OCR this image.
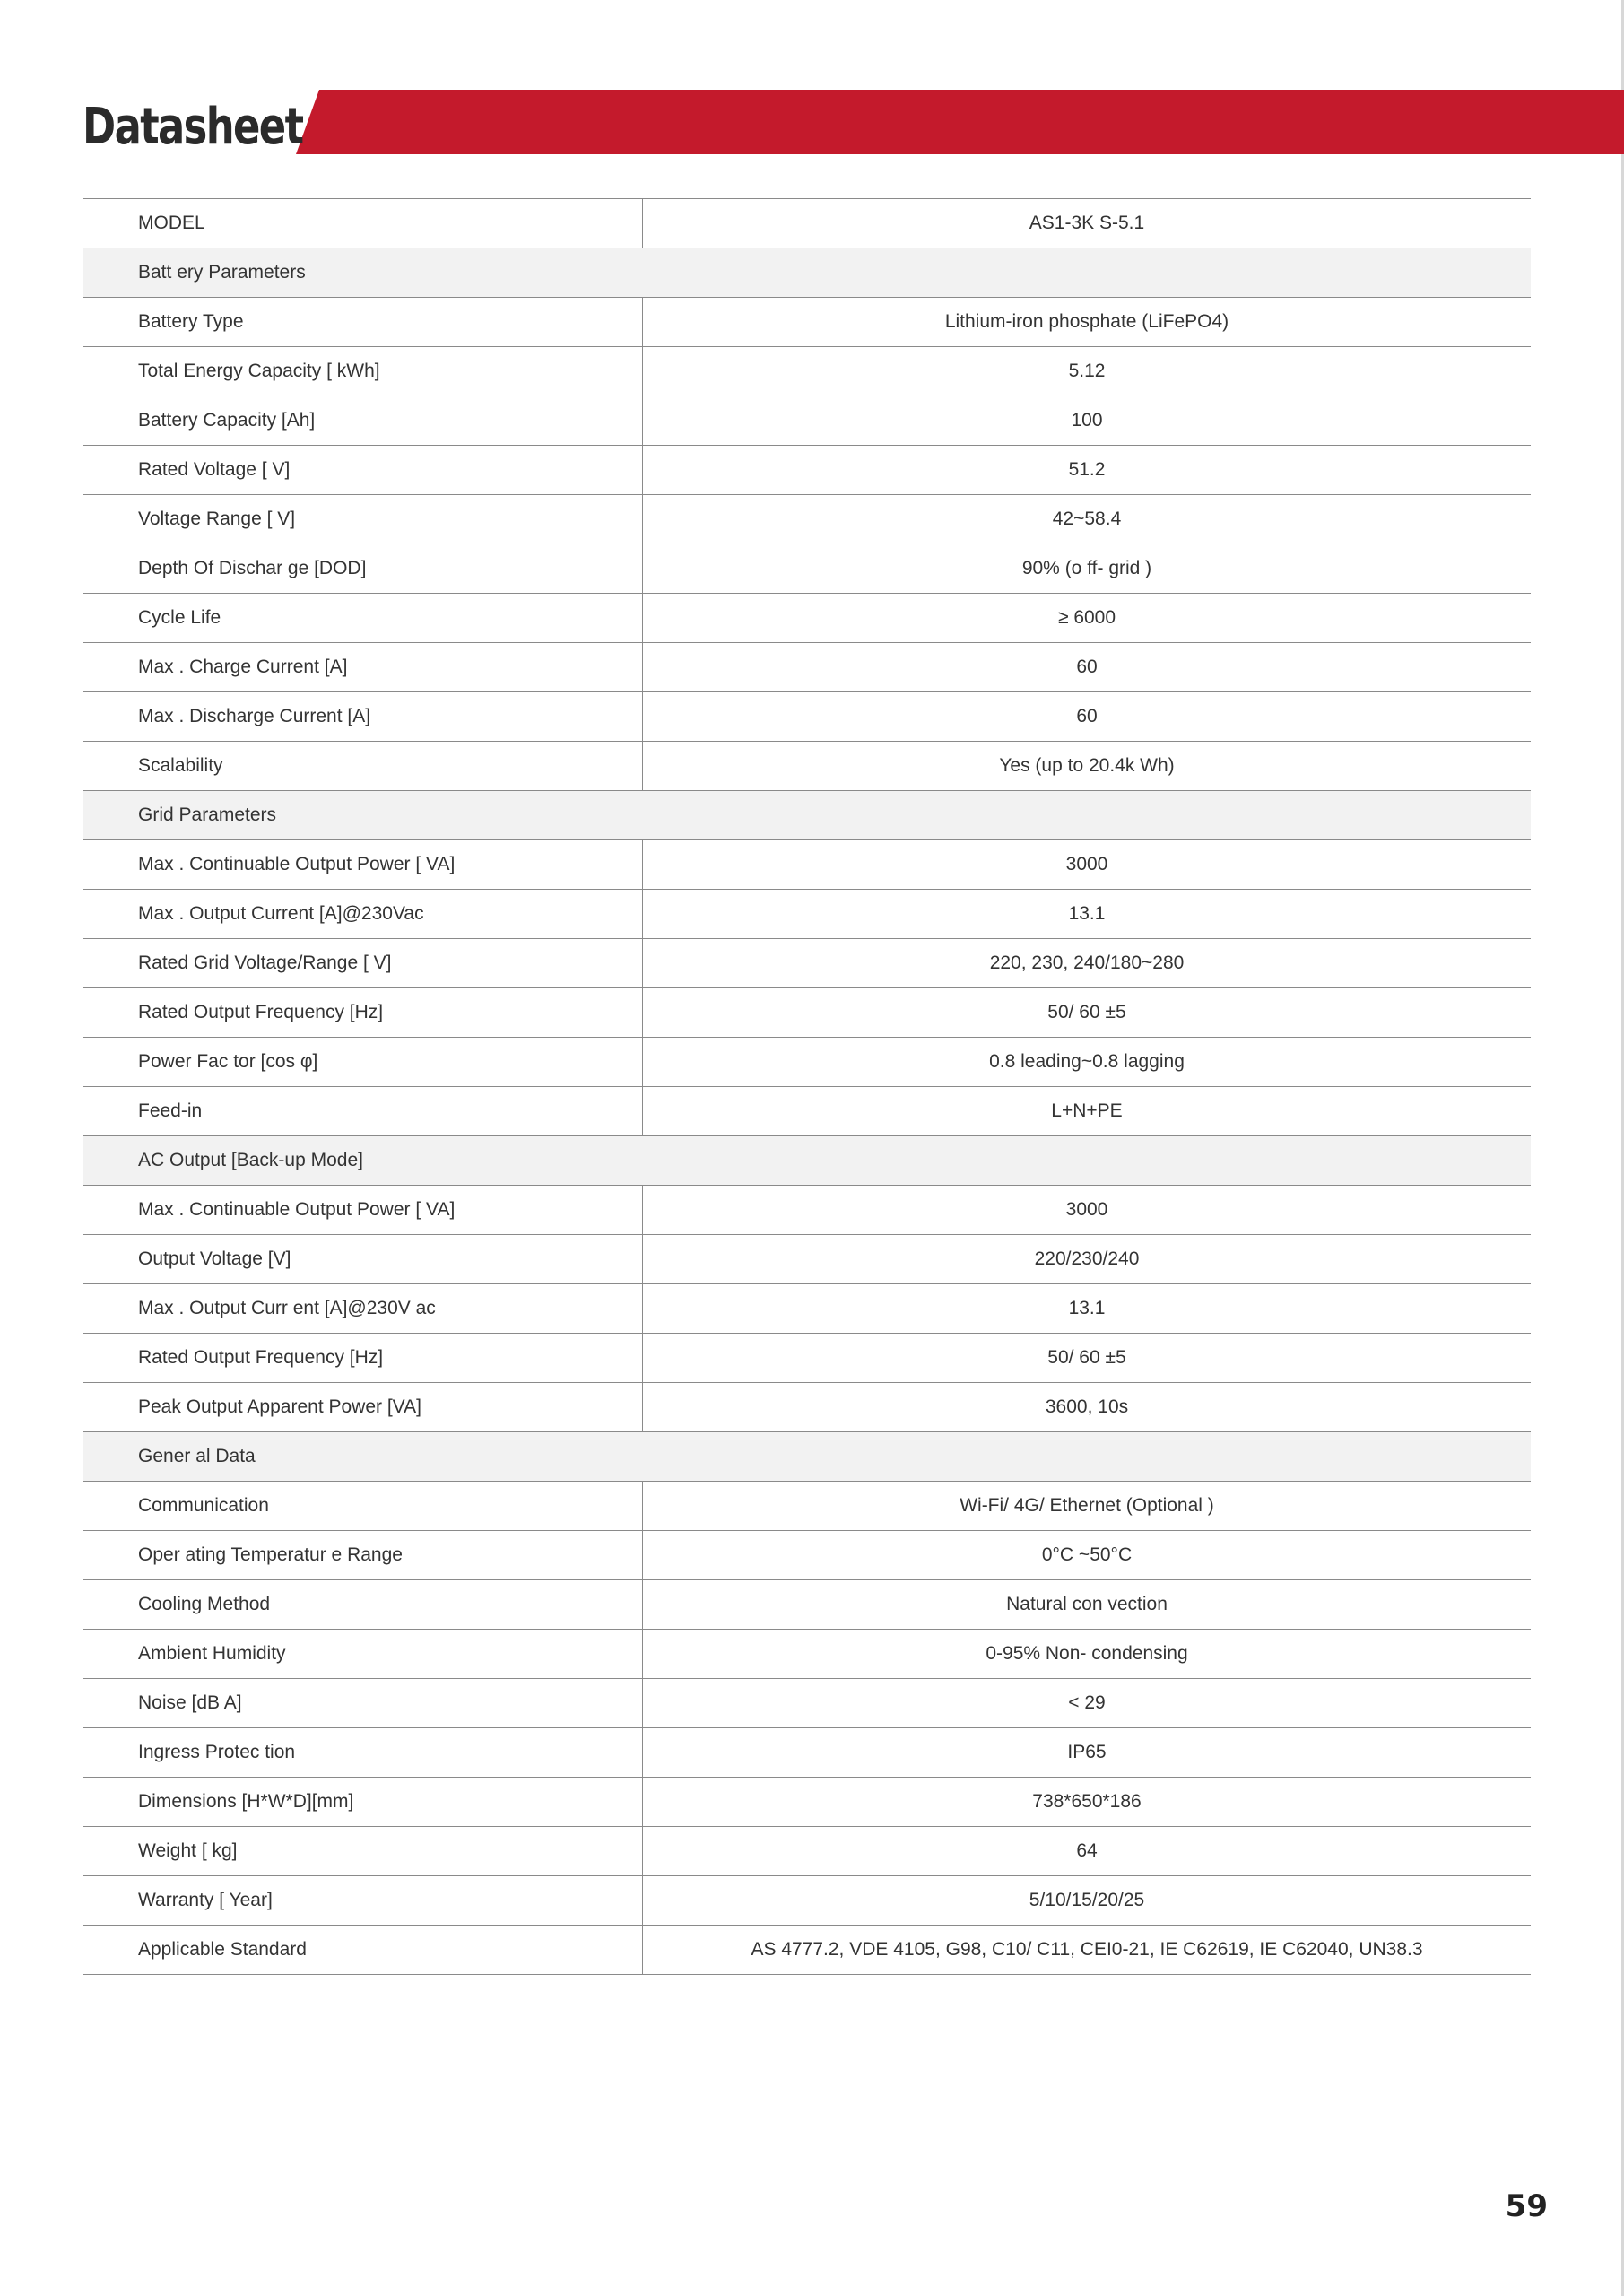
Datasheet
MODEL	AS1-3K S-5.1
Batt ery Parameters
Battery Type	Lithium-iron phosphate (LiFePO4)
Total Energy Capacity [ kWh]	5.12
Battery Capacity [Ah]	100
Rated Voltage [ V]	51.2
Voltage Range [ V]	42~58.4
Depth Of Dischar ge [DOD]	90% (o ff- grid )
Cycle Life	≥ 6000
Max . Charge Current [A]	60
Max . Discharge Current [A]	60
Scalability	Yes (up to 20.4k Wh)
Grid Parameters
Max . Continuable Output Power [ VA]	3000
Max . Output Current [A]@230Vac	13.1
Rated Grid Voltage/Range [ V]	220, 230, 240/180~280
Rated Output Frequency [Hz]	50/ 60 ±5
Power Fac tor [cos φ]	0.8 leading~0.8 lagging
Feed-in	L+N+PE
AC Output [Back-up Mode]
Max . Continuable Output Power [ VA]	3000
Output Voltage [V]	220/230/240
Max . Output Curr ent [A]@230V ac	13.1
Rated Output Frequency [Hz]	50/ 60 ±5
Peak Output Apparent Power [VA]	3600, 10s
Gener al Data
Communication	Wi-Fi/ 4G/ Ethernet (Optional )
Oper ating Temperatur e Range	0°C ~50°C
Cooling Method	Natural con vection
Ambient Humidity	0-95% Non- condensing
Noise [dB A]	< 29
Ingress Protec tion	IP65
Dimensions [H*W*D][mm]	738*650*186
Weight [ kg]	64
Warranty [ Year]	5/10/15/20/25
Applicable Standard	AS 4777.2, VDE 4105, G98, C10/ C11, CEI0-21, IE C62619, IE C62040, UN38.3
59
